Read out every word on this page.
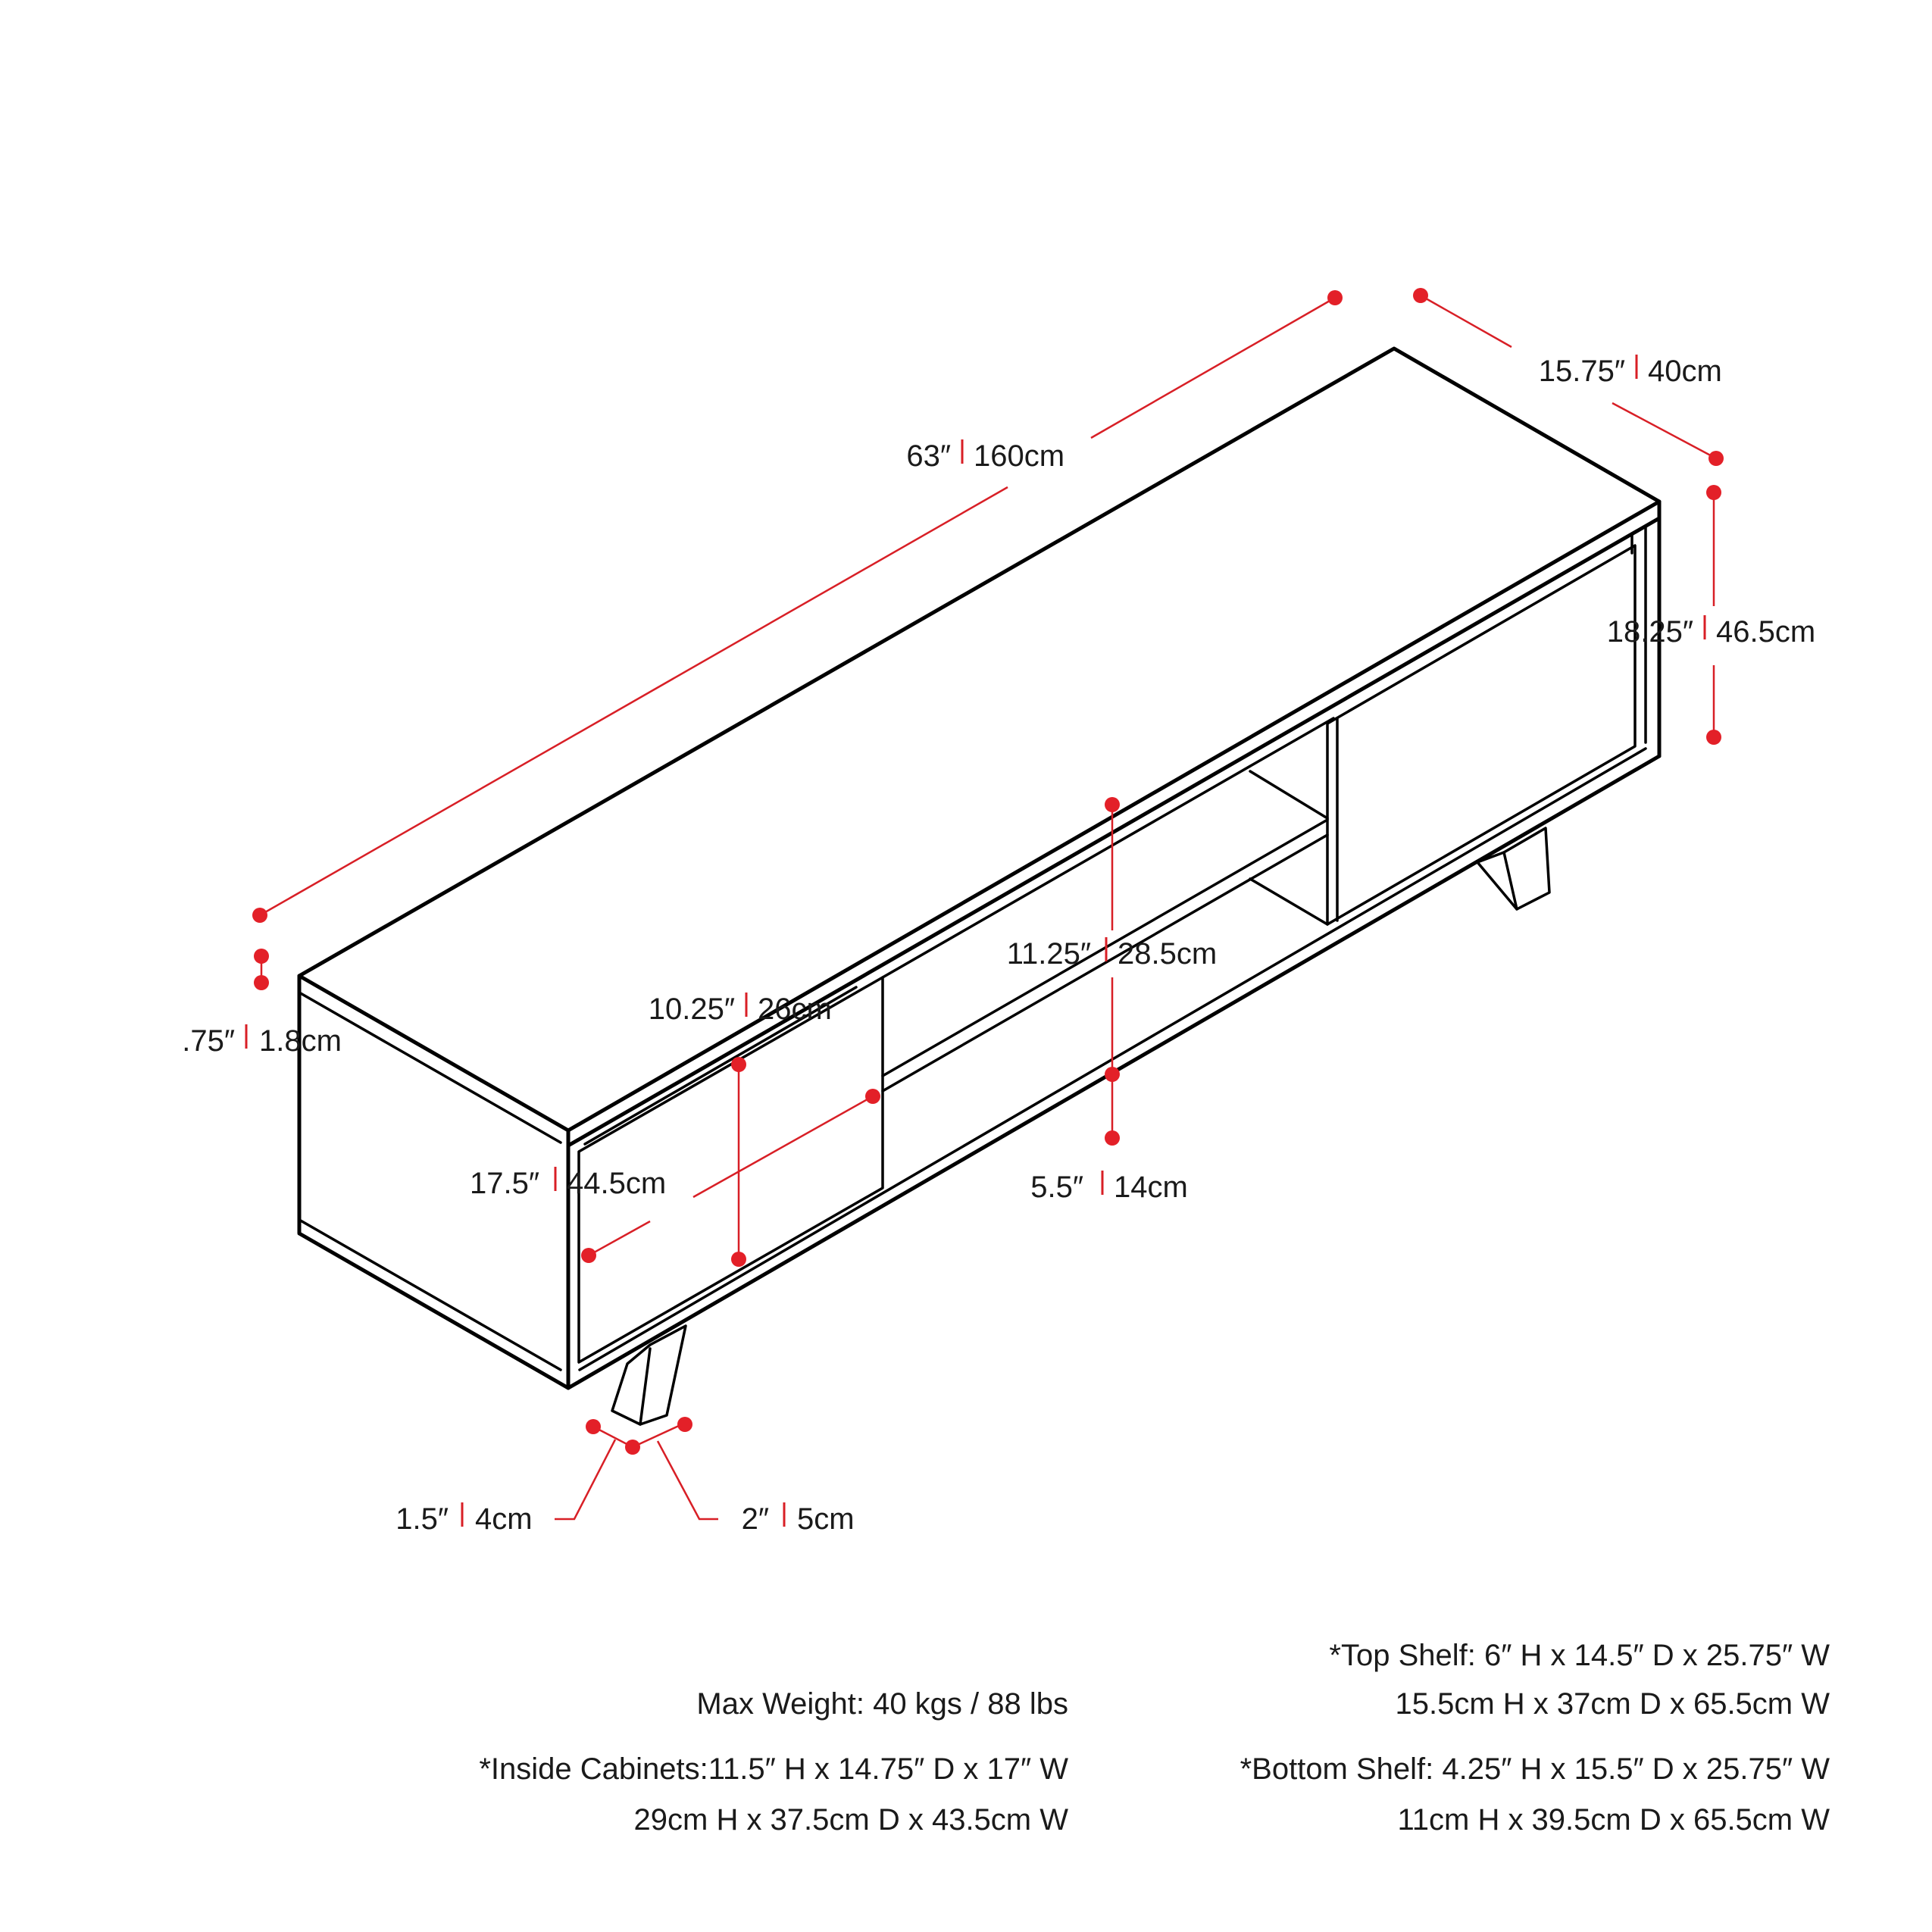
63″ 160cm
15.75″ 40cm
18.25″ 46.5cm
.75″ 1.8cm
10.25″ 26cm
17.5″ 44.5cm
11.25″ 28.5cm
5.5″ 14cm
1.5″ 4cm	2″ 5cm
Max Weight: 40 kgs / 88 lbs
*Inside Cabinets:11.5″ H x 14.75″ D x 17″ W
29cm H x 37.5cm D x 43.5cm W
*Top Shelf: 6″ H x 14.5″ D x 25.75″ W
15.5cm H x 37cm D x 65.5cm W
*Bottom Shelf: 4.25″ H x 15.5″ D x 25.75″ W
11cm H x 39.5cm D x 65.5cm W
